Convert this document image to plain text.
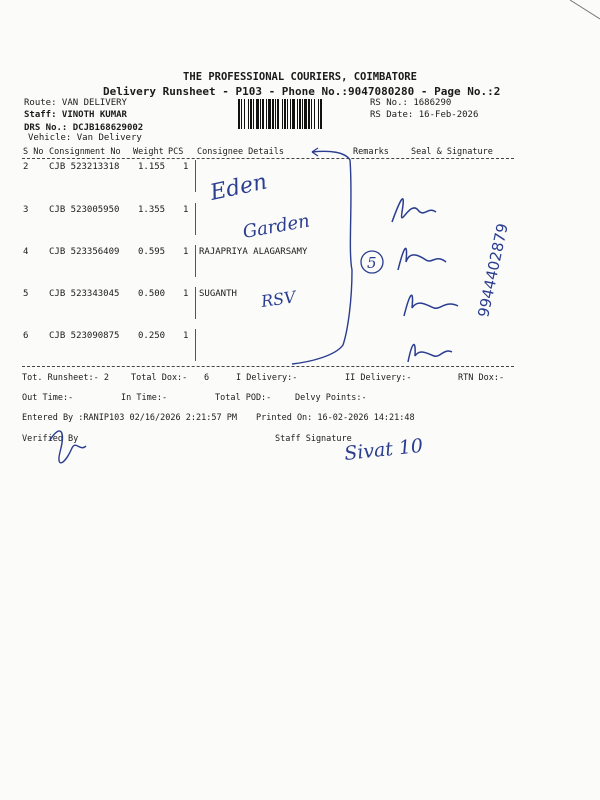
THE PROFESSIONAL COURIERS, COIMBATORE
Delivery Runsheet - P103 - Phone No.:9047080280 - Page No.:2
Route: VAN DELIVERY
Staff: VINOTH KUMAR
DRS No.: DCJB168629002
Vehicle: Van Delivery
RS No.: 1686290
RS Date: 16-Feb-2026
S No Consignment No Weight PCS Consignee Details	Remarks	Seal & Signature
2 CJB 523213318 1.155 1
3 CJB 523005950 1.355 1
4 CJB 523356409 0.595 1 RAJAPRIYA ALAGARSAMY
5 CJB 523343045 0.500 1 SUGANTH
6 CJB 523090875 0.250 1
Tot. Runsheet:- 2	Total Dox:- 6	I Delivery:-	II Delivery:-	RTN Dox:-
Out Time:-	In Time:-	Total POD:-	Delvy Points:-
Entered By :RANIP103 02/16/2026 2:21:57 PM Printed On: 16-02-2026 14:21:48
Verified By	Staff Signature
Eden
Garden
RSV
5	9944402879
Sivat 10
